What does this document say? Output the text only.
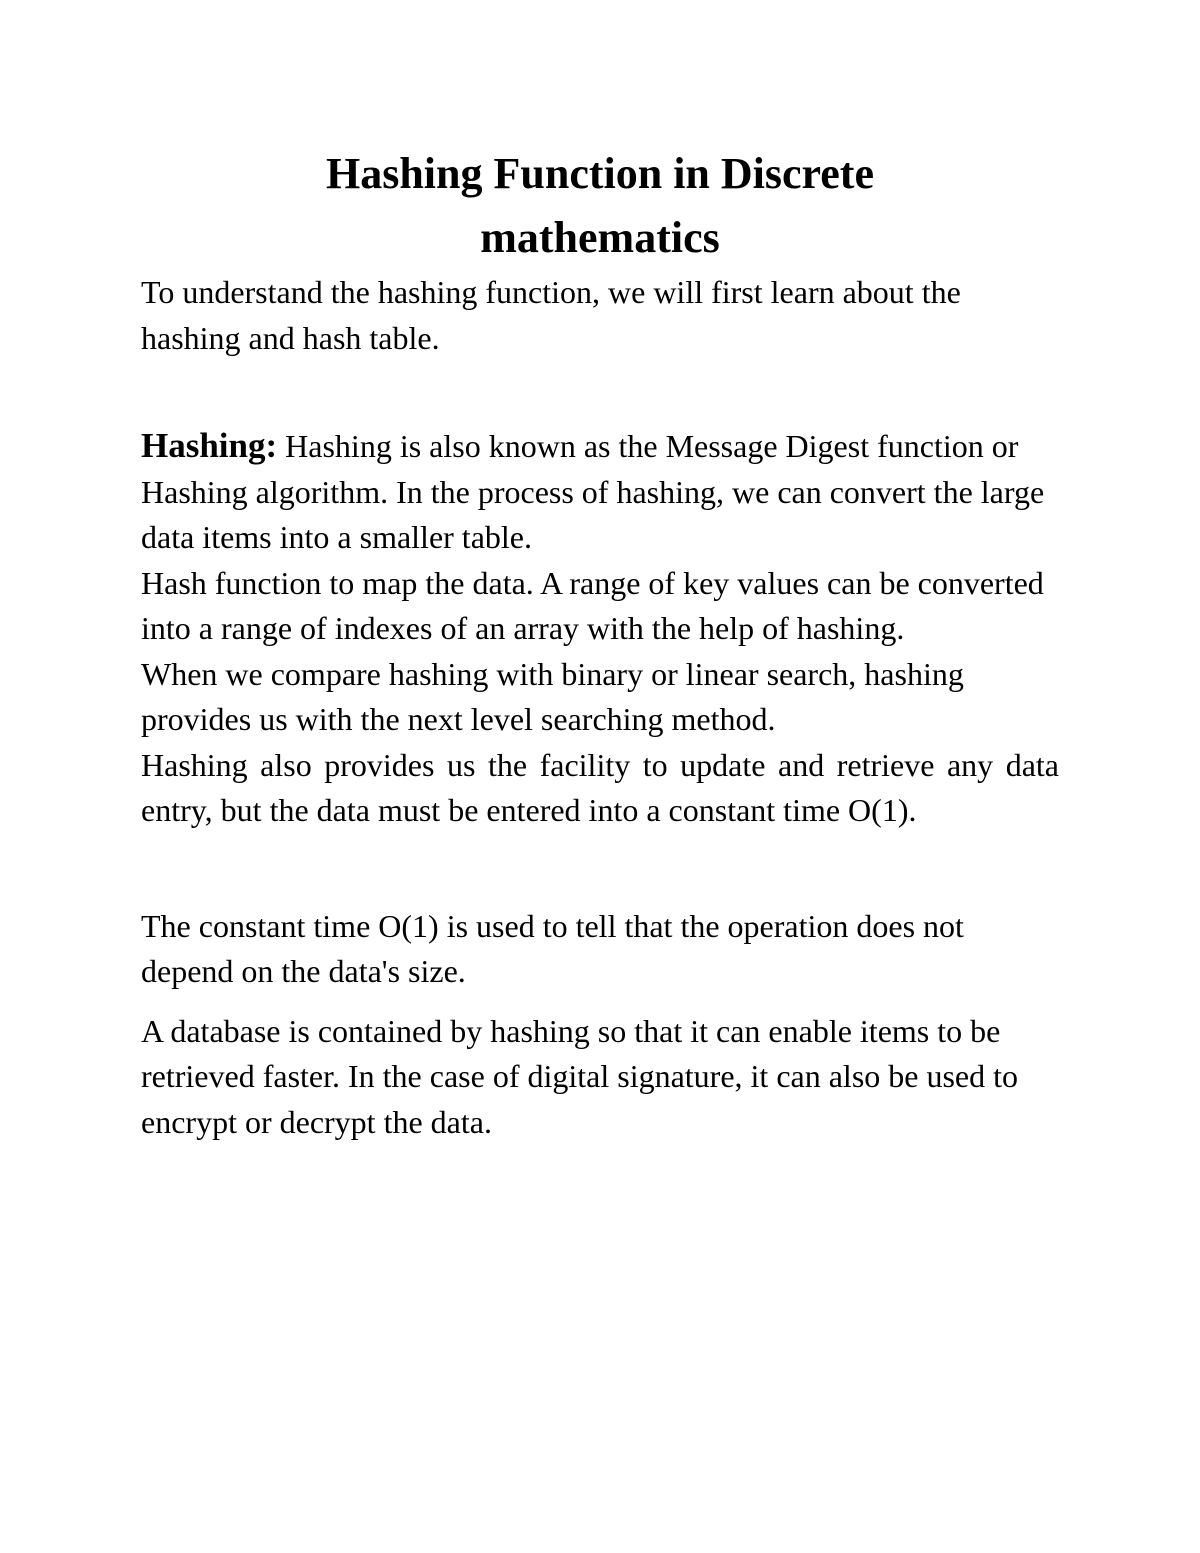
Hashing Function in Discrete
mathematics

To understand the hashing function, we will first learn about the hashing and hash table.

Hashing: Hashing is also known as the Message Digest function or Hashing algorithm. In the process of hashing, we can convert the large data items into a smaller table.

Hash function to map the data. A range of key values can be converted into a range of indexes of an array with the help of hashing.

When we compare hashing with binary or linear search, hashing provides us with the next level searching method.

Hashing also provides us the facility to update and retrieve any data entry, but the data must be entered into a constant time O(1).

The constant time O(1) is used to tell that the operation does not depend on the data's size.

A database is contained by hashing so that it can enable items to be retrieved faster. In the case of digital signature, it can also be used to encrypt or decrypt the data.
